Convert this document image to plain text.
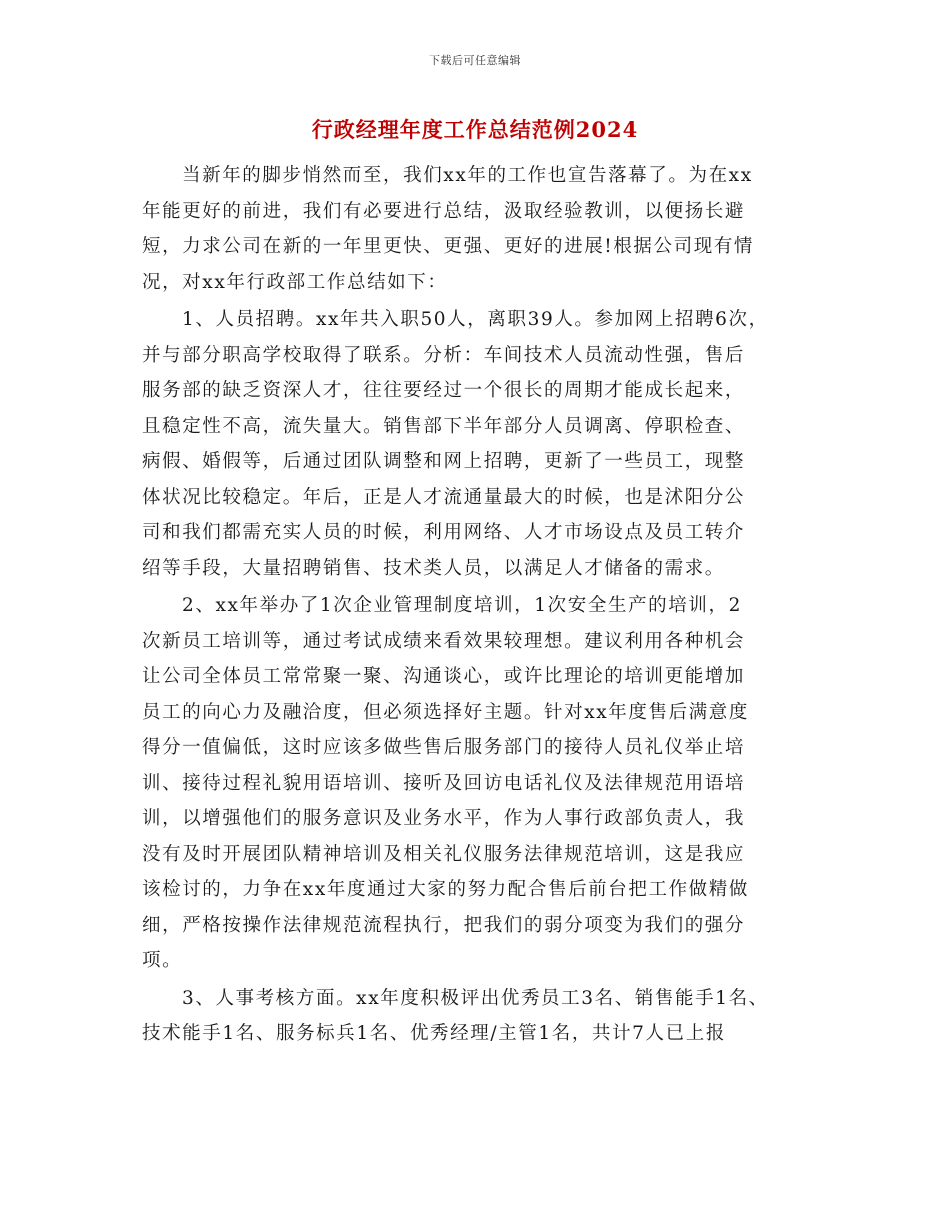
下载后可任意编辑
行政经理年度工作总结范例2024

当新年的脚步悄然而至，我们xx年的工作也宣告落幕了。为在xx
年能更好的前进，我们有必要进行总结，汲取经验教训，以便扬长避
短，力求公司在新的一年里更快、更强、更好的进展!根据公司现有情
况，对xx年行政部工作总结如下：

1、人员招聘。xx年共入职50人，离职39人。参加网上招聘6次，
并与部分职高学校取得了联系。分析：车间技术人员流动性强，售后
服务部的缺乏资深人才，往往要经过一个很长的周期才能成长起来，
且稳定性不高，流失量大。销售部下半年部分人员调离、停职检查、
病假、婚假等，后通过团队调整和网上招聘，更新了一些员工，现整
体状况比较稳定。年后，正是人才流通量最大的时候，也是沭阳分公
司和我们都需充实人员的时候，利用网络、人才市场设点及员工转介
绍等手段，大量招聘销售、技术类人员，以满足人才储备的需求。

2、xx年举办了1次企业管理制度培训，1次安全生产的培训，2
次新员工培训等，通过考试成绩来看效果较理想。建议利用各种机会
让公司全体员工常常聚一聚、沟通谈心，或许比理论的培训更能增加
员工的向心力及融洽度，但必须选择好主题。针对xx年度售后满意度
得分一值偏低，这时应该多做些售后服务部门的接待人员礼仪举止培
训、接待过程礼貌用语培训、接听及回访电话礼仪及法律规范用语培
训，以增强他们的服务意识及业务水平，作为人事行政部负责人，我
没有及时开展团队精神培训及相关礼仪服务法律规范培训，这是我应
该检讨的，力争在xx年度通过大家的努力配合售后前台把工作做精做
细，严格按操作法律规范流程执行，把我们的弱分项变为我们的强分
项。

3、人事考核方面。xx年度积极评出优秀员工3名、销售能手1名、
技术能手1名、服务标兵1名、优秀经理/主管1名，共计7人已上报
